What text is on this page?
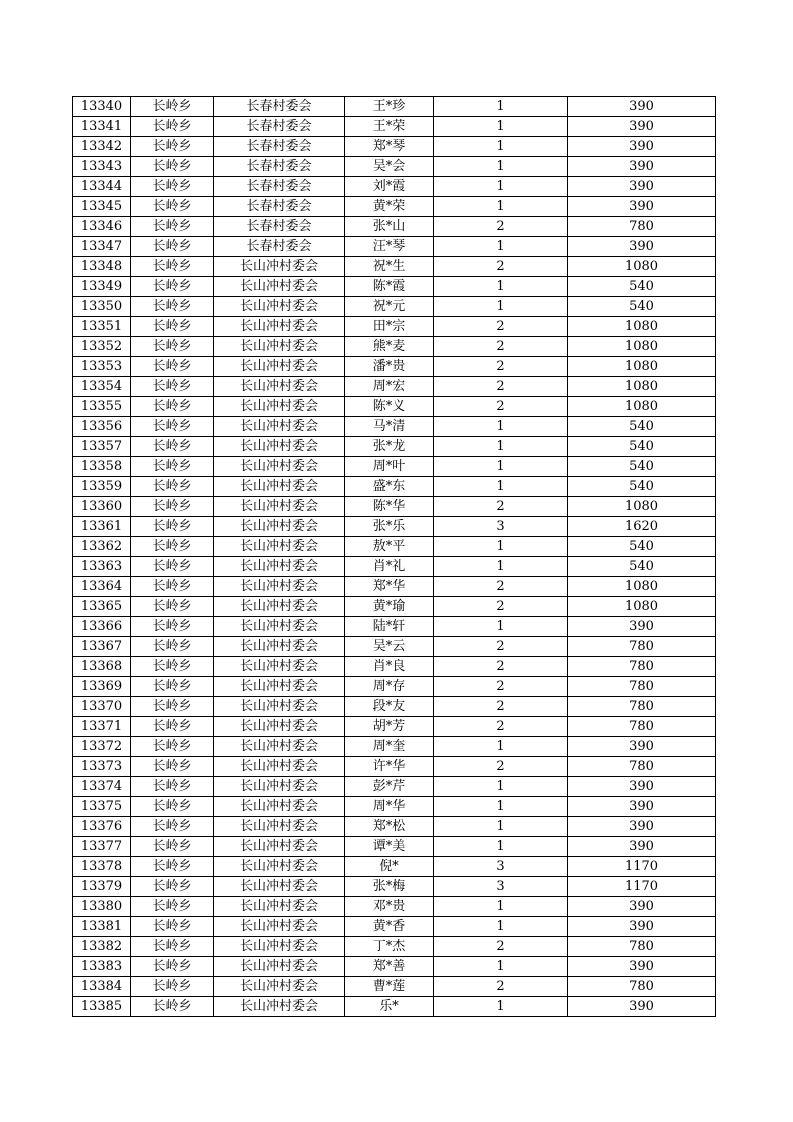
13340	长岭乡	长春村委会	王*珍	1	390
13341	长岭乡	长春村委会	王*荣	1	390
13342	长岭乡	长春村委会	郑*琴	1	390
13343	长岭乡	长春村委会	吴*会	1	390
13344	长岭乡	长春村委会	刘*霞	1	390
13345	长岭乡	长春村委会	黄*荣	1	390
13346	长岭乡	长春村委会	张*山	2	780
13347	长岭乡	长春村委会	汪*琴	1	390
13348	长岭乡	长山冲村委会	祝*生	2	1080
13349	长岭乡	长山冲村委会	陈*霞	1	540
13350	长岭乡	长山冲村委会	祝*元	1	540
13351	长岭乡	长山冲村委会	田*宗	2	1080
13352	长岭乡	长山冲村委会	熊*麦	2	1080
13353	长岭乡	长山冲村委会	潘*贵	2	1080
13354	长岭乡	长山冲村委会	周*宏	2	1080
13355	长岭乡	长山冲村委会	陈*义	2	1080
13356	长岭乡	长山冲村委会	马*清	1	540
13357	长岭乡	长山冲村委会	张*龙	1	540
13358	长岭乡	长山冲村委会	周*叶	1	540
13359	长岭乡	长山冲村委会	盛*东	1	540
13360	长岭乡	长山冲村委会	陈*华	2	1080
13361	长岭乡	长山冲村委会	张*乐	3	1620
13362	长岭乡	长山冲村委会	敖*平	1	540
13363	长岭乡	长山冲村委会	肖*礼	1	540
13364	长岭乡	长山冲村委会	郑*华	2	1080
13365	长岭乡	长山冲村委会	黄*瑜	2	1080
13366	长岭乡	长山冲村委会	陆*轩	1	390
13367	长岭乡	长山冲村委会	吴*云	2	780
13368	长岭乡	长山冲村委会	肖*良	2	780
13369	长岭乡	长山冲村委会	周*存	2	780
13370	长岭乡	长山冲村委会	段*友	2	780
13371	长岭乡	长山冲村委会	胡*芳	2	780
13372	长岭乡	长山冲村委会	周*奎	1	390
13373	长岭乡	长山冲村委会	许*华	2	780
13374	长岭乡	长山冲村委会	彭*芹	1	390
13375	长岭乡	长山冲村委会	周*华	1	390
13376	长岭乡	长山冲村委会	郑*松	1	390
13377	长岭乡	长山冲村委会	谭*美	1	390
13378	长岭乡	长山冲村委会	倪*	3	1170
13379	长岭乡	长山冲村委会	张*梅	3	1170
13380	长岭乡	长山冲村委会	邓*贵	1	390
13381	长岭乡	长山冲村委会	黄*香	1	390
13382	长岭乡	长山冲村委会	丁*杰	2	780
13383	长岭乡	长山冲村委会	郑*善	1	390
13384	长岭乡	长山冲村委会	曹*莲	2	780
13385	长岭乡	长山冲村委会	乐*	1	390
